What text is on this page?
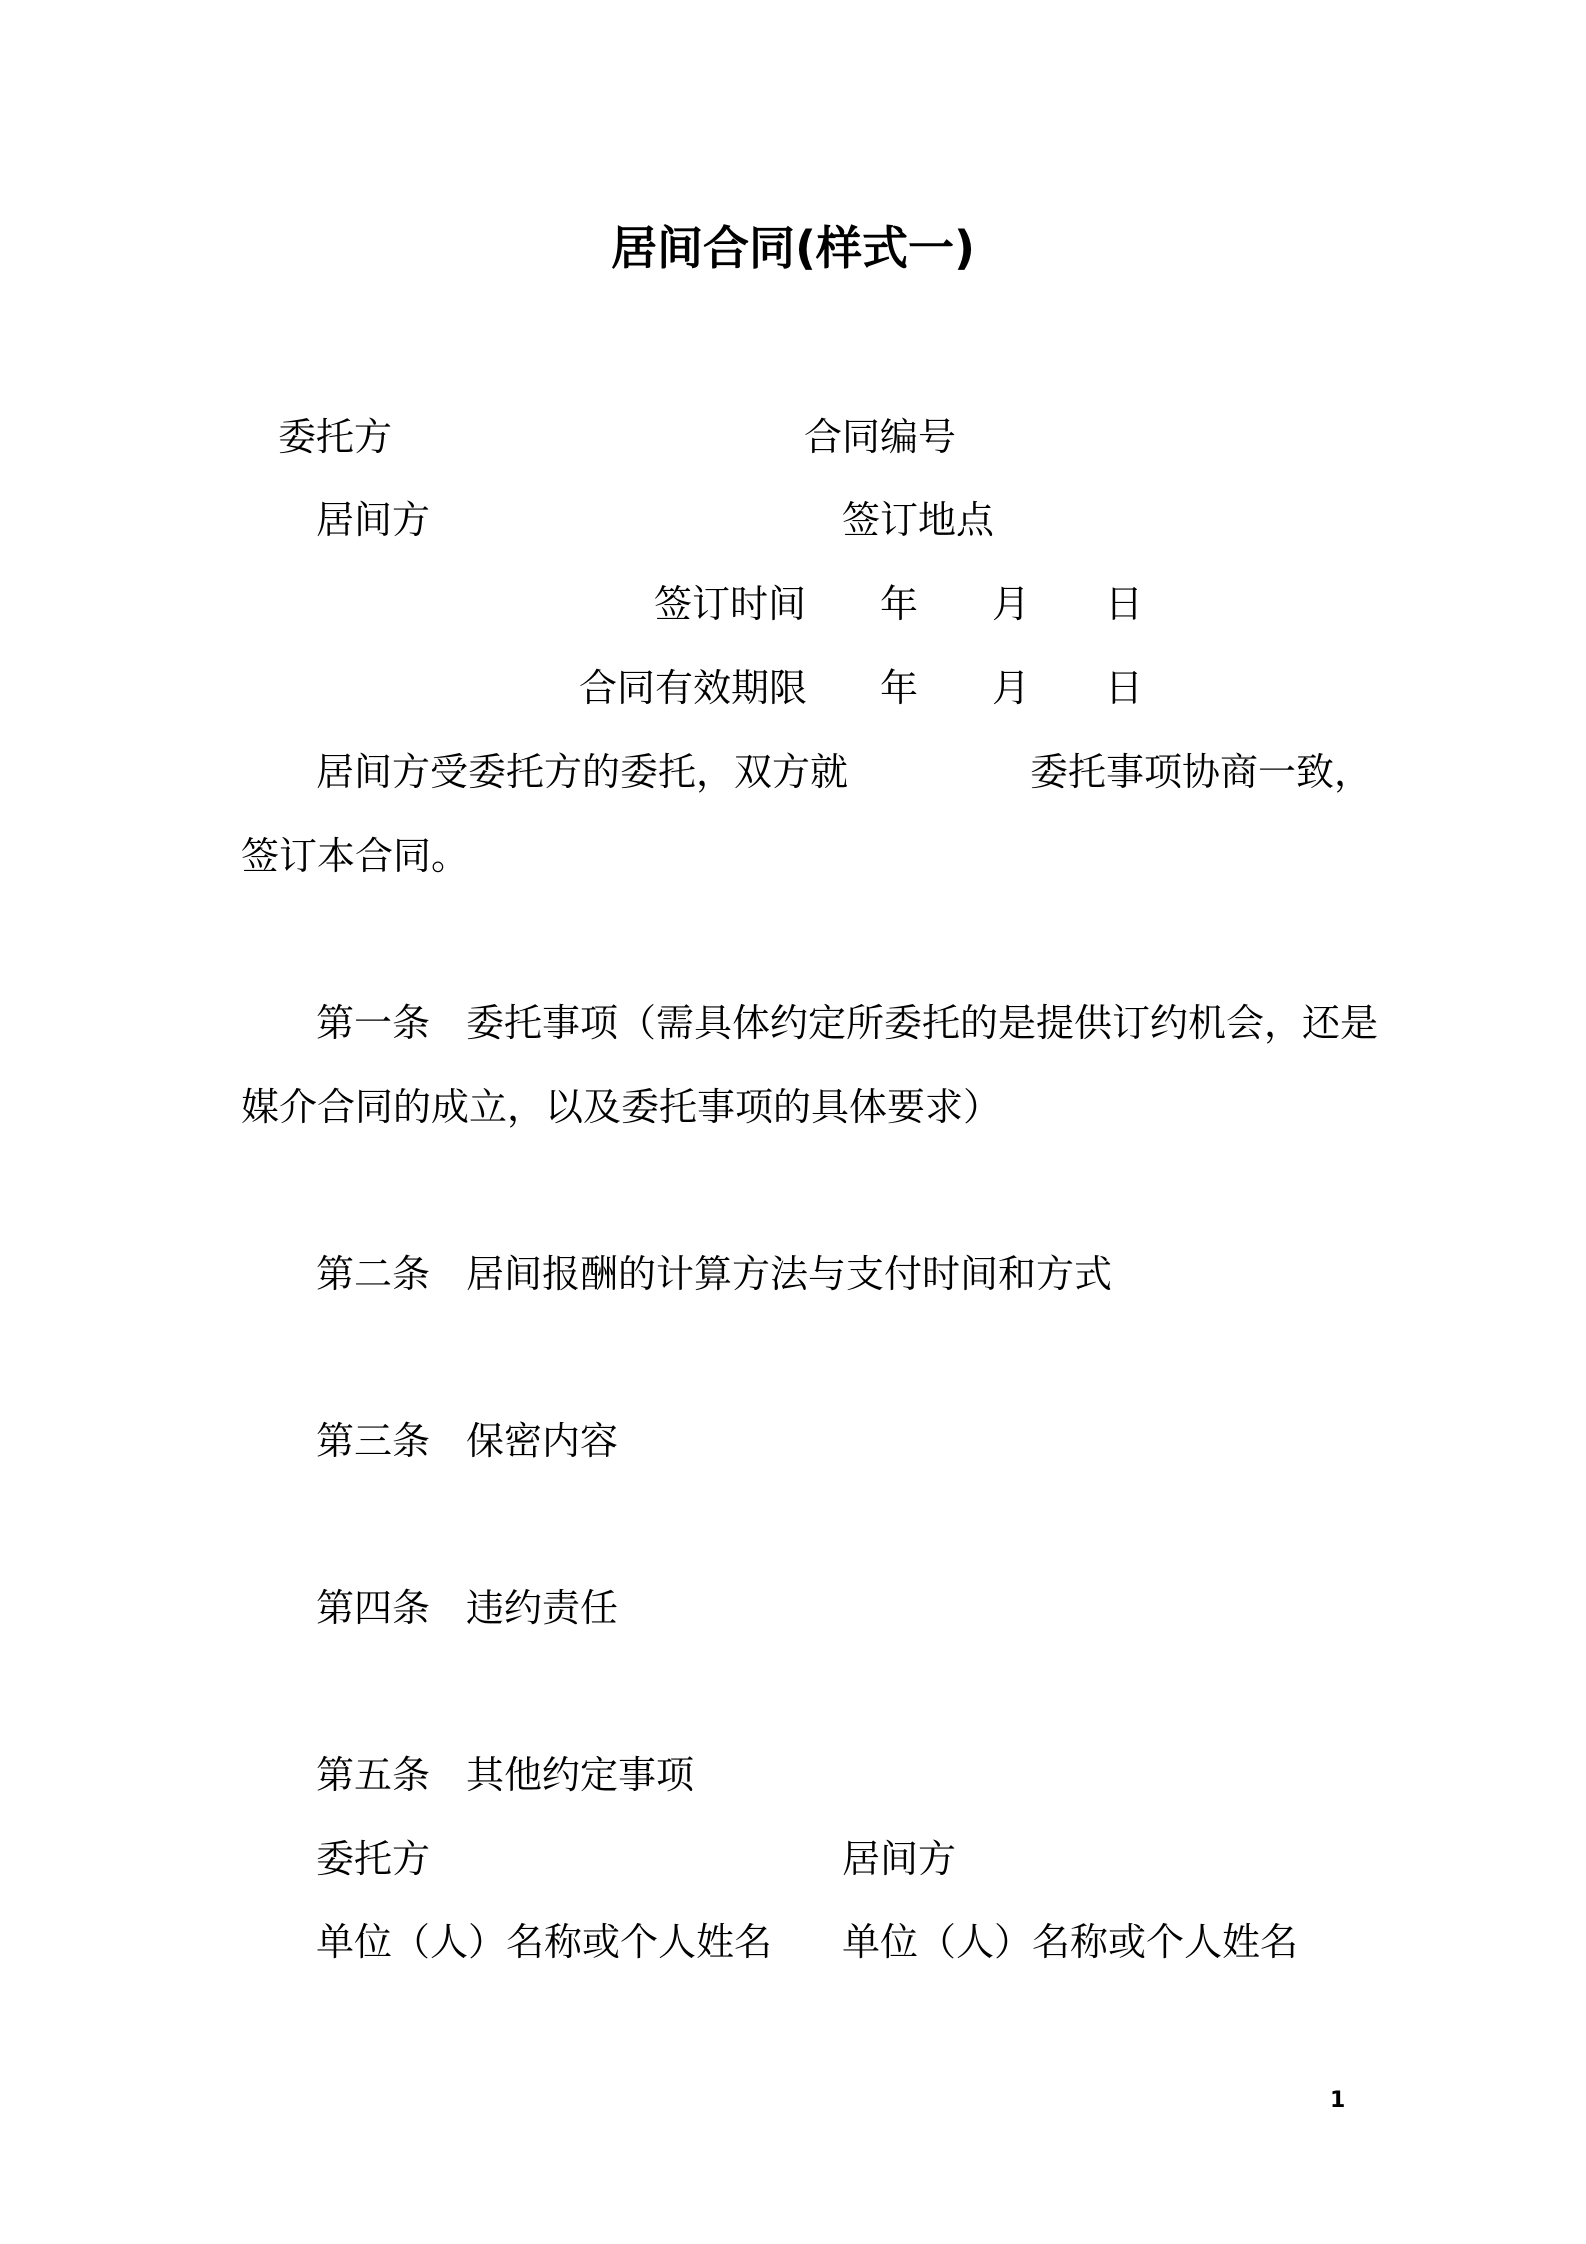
居间合同(样式一)
委托方	合同编号
居间方	签订地点
签订时间 年 月 日
合同有效期限 年 月 日
居间方受委托方的委托，双方就	委托事项协商一致，
签订本合同。
第一条 委托事项（需具体约定所委托的是提供订约机会，还是
媒介合同的成立，以及委托事项的具体要求）
第二条 居间报酬的计算方法与支付时间和方式
第三条 保密内容
第四条 违约责任
第五条 其他约定事项
委托方	居间方
单位（人）名称或个人姓名 单位（人）名称或个人姓名
1
